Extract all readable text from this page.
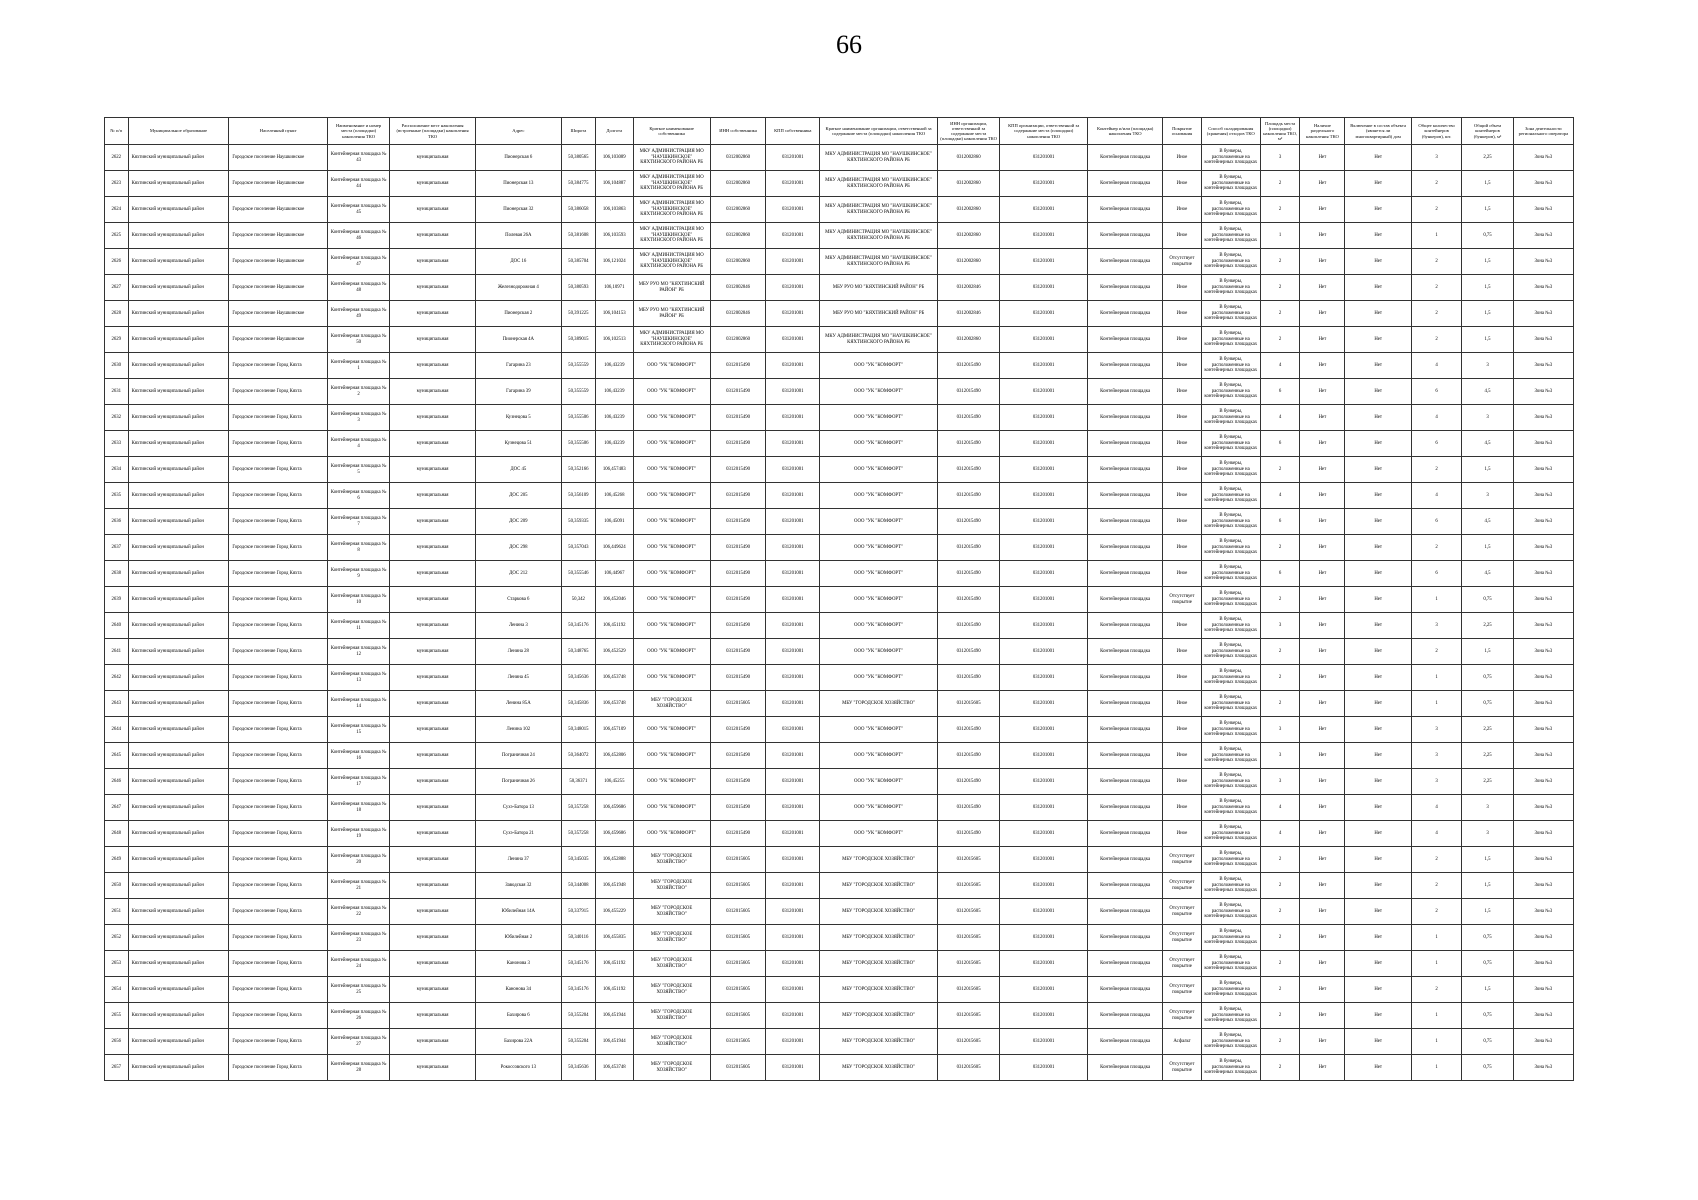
66
№ п/п	Муниципальное образование	Населенный пункт	Наименование и номер места (площадки) накопления ТКО	Расположение мест накопления (встроенные (площадки) накопления ТКО	Адрес	Широта	Долгота	Краткое наименование собственника	ИНН собственника	КПП собственника	Краткое наименование организации, ответственной за содержание места (площадки) накопления ТКО	ИНН организации, ответственной за содержание места (площадки) накопления ТКО	КПП организации, ответственной за содержание места (площадки) накопления ТКО	Контейнер и/или (площадка) накопления ТКО	Покрытие основания	Способ складирования (хранения) отходов ТКО	Площадь места (площадки) накопления ТКО, м²	Наличие раздельного накопления ТКО	Включение в состав объекта (является ли многоквартирный) дом	Общее количество контейнеров (бункеров), шт.	Общий объем контейнеров (бункеров), м³	Зона деятельности регионального оператора
2622	Кяхтинский муниципальный район	Городское поселение Наушкинское	Контейнерная площадка № 43	муниципальная	Пионерская 6	50,380565	106,103089	МКУ АДМИНИСТРАЦИЯ МО "НАУШКИНСКОЕ" КЯХТИНСКОГО РАЙОНА РБ	0312002860	031201001	МКУ АДМИНИСТРАЦИЯ МО "НАУШКИНСКОЕ" КЯХТИНСКОГО РАЙОНА РБ	0312002860	031201001	Контейнерная площадка	Иное	В бункеры, расположенные на контейнерных площадках	3	Нет	Нет	3	2,25	Зона №3
2623	Кяхтинский муниципальный район	Городское поселение Наушкинское	Контейнерная площадка № 44	муниципальная	Пионерская 13	50,384775	106,104887	МКУ АДМИНИСТРАЦИЯ МО "НАУШКИНСКОЕ" КЯХТИНСКОГО РАЙОНА РБ	0312002860	031201001	МКУ АДМИНИСТРАЦИЯ МО "НАУШКИНСКОЕ" КЯХТИНСКОГО РАЙОНА РБ	0312002860	031201001	Контейнерная площадка	Иное	В бункеры, расположенные на контейнерных площадках	2	Нет	Нет	2	1,5	Зона №3
2624	Кяхтинский муниципальный район	Городское поселение Наушкинское	Контейнерная площадка № 45	муниципальная	Пионерская 32	50,386058	106,103863	МКУ АДМИНИСТРАЦИЯ МО "НАУШКИНСКОЕ" КЯХТИНСКОГО РАЙОНА РБ	0312002860	031201001	МКУ АДМИНИСТРАЦИЯ МО "НАУШКИНСКОЕ" КЯХТИНСКОГО РАЙОНА РБ	0312002860	031201001	Контейнерная площадка	Иное	В бункеры, расположенные на контейнерных площадках	2	Нет	Нет	2	1,5	Зона №3
2625	Кяхтинский муниципальный район	Городское поселение Наушкинское	Контейнерная площадка № 46	муниципальная	Полевая 26А	50,381608	106,103593	МКУ АДМИНИСТРАЦИЯ МО "НАУШКИНСКОЕ" КЯХТИНСКОГО РАЙОНА РБ	0312002860	031201001	МКУ АДМИНИСТРАЦИЯ МО "НАУШКИНСКОЕ" КЯХТИНСКОГО РАЙОНА РБ	0312002860	031201001	Контейнерная площадка	Иное	В бункеры, расположенные на контейнерных площадках	1	Нет	Нет	1	0,75	Зона №3
2626	Кяхтинский муниципальный район	Городское поселение Наушкинское	Контейнерная площадка № 47	муниципальная	ДОС 16	50,385704	106,121024	МКУ АДМИНИСТРАЦИЯ МО "НАУШКИНСКОЕ" КЯХТИНСКОГО РАЙОНА РБ	0312002860	031201001	МКУ АДМИНИСТРАЦИЯ МО "НАУШКИНСКОЕ" КЯХТИНСКОГО РАЙОНА РБ	0312002860	031201001	Контейнерная площадка	Отсутствует покрытие	В бункеры, расположенные на контейнерных площадках	2	Нет	Нет	2	1,5	Зона №3
2627	Кяхтинский муниципальный район	Городское поселение Наушкинское	Контейнерная площадка № 48	муниципальная	Железнодорожная 4	50,380593	106,10971	МБУ РУО МО "КЯХТИНСКИЙ РАЙОН" РБ	0312002846	031201001	МБУ РУО МО "КЯХТИНСКИЙ РАЙОН" РБ	0312002846	031201001	Контейнерная площадка	Иное	В бункеры, расположенные на контейнерных площадках	2	Нет	Нет	2	1,5	Зона №3
2628	Кяхтинский муниципальный район	Городское поселение Наушкинское	Контейнерная площадка № 49	муниципальная	Пионерская 2	50,391225	106,104153	МБУ РУО МО "КЯХТИНСКИЙ РАЙОН" РБ	0312002846	031201001	МБУ РУО МО "КЯХТИНСКИЙ РАЙОН" РБ	0312002846	031201001	Контейнерная площадка	Иное	В бункеры, расположенные на контейнерных площадках	2	Нет	Нет	2	1,5	Зона №3
2629	Кяхтинский муниципальный район	Городское поселение Наушкинское	Контейнерная площадка № 50	муниципальная	Пионерская 4А	50,389015	106,102513	МКУ АДМИНИСТРАЦИЯ МО "НАУШКИНСКОЕ" КЯХТИНСКОГО РАЙОНА РБ	0312002860	031201001	МКУ АДМИНИСТРАЦИЯ МО "НАУШКИНСКОЕ" КЯХТИНСКОГО РАЙОНА РБ	0312002860	031201001	Контейнерная площадка	Иное	В бункеры, расположенные на контейнерных площадках	2	Нет	Нет	2	1,5	Зона №3
2630	Кяхтинский муниципальный район	Городское поселение Город Кяхта	Контейнерная площадка № 1	муниципальная	Гагарина 23	50,355559	106,43239	ООО "УК "КОМФОРТ"	0312015490	031201001	ООО "УК "КОМФОРТ"	0312015490	031201001	Контейнерная площадка	Иное	В бункеры, расположенные на контейнерных площадках	4	Нет	Нет	4	3	Зона №3
2631	Кяхтинский муниципальный район	Городское поселение Город Кяхта	Контейнерная площадка № 2	муниципальная	Гагарина 39	50,355559	106,43239	ООО "УК "КОМФОРТ"	0312015490	031201001	ООО "УК "КОМФОРТ"	0312015490	031201001	Контейнерная площадка	Иное	В бункеры, расположенные на контейнерных площадках	6	Нет	Нет	6	4,5	Зона №3
2632	Кяхтинский муниципальный район	Городское поселение Город Кяхта	Контейнерная площадка № 3	муниципальная	Кузнецова 5	50,355506	106,43239	ООО "УК "КОМФОРТ"	0312015490	031201001	ООО "УК "КОМФОРТ"	0312015490	031201001	Контейнерная площадка	Иное	В бункеры, расположенные на контейнерных площадках	4	Нет	Нет	4	3	Зона №3
2633	Кяхтинский муниципальный район	Городское поселение Город Кяхта	Контейнерная площадка № 4	муниципальная	Кузнецова 51	50,355506	106,43239	ООО "УК "КОМФОРТ"	0312015490	031201001	ООО "УК "КОМФОРТ"	0312015490	031201001	Контейнерная площадка	Иное	В бункеры, расположенные на контейнерных площадках	6	Нет	Нет	6	4,5	Зона №3
2634	Кяхтинский муниципальный район	Городское поселение Город Кяхта	Контейнерная площадка № 5	муниципальная	ДОС 45	50,352166	106,457483	ООО "УК "КОМФОРТ"	0312015490	031201001	ООО "УК "КОМФОРТ"	0312015490	031201001	Контейнерная площадка	Иное	В бункеры, расположенные на контейнерных площадках	2	Нет	Нет	2	1,5	Зона №3
2635	Кяхтинский муниципальный район	Городское поселение Город Кяхта	Контейнерная площадка № 6	муниципальная	ДОС 205	50,356109	106,45268	ООО "УК "КОМФОРТ"	0312015490	031201001	ООО "УК "КОМФОРТ"	0312015490	031201001	Контейнерная площадка	Иное	В бункеры, расположенные на контейнерных площадках	4	Нет	Нет	4	3	Зона №3
2636	Кяхтинский муниципальный район	Городское поселение Город Кяхта	Контейнерная площадка № 7	муниципальная	ДОС 209	50,359335	106,45091	ООО "УК "КОМФОРТ"	0312015490	031201001	ООО "УК "КОМФОРТ"	0312015490	031201001	Контейнерная площадка	Иное	В бункеры, расположенные на контейнерных площадках	6	Нет	Нет	6	4,5	Зона №3
2637	Кяхтинский муниципальный район	Городское поселение Город Кяхта	Контейнерная площадка № 8	муниципальная	ДОС 298	50,357043	106,449624	ООО "УК "КОМФОРТ"	0312015490	031201001	ООО "УК "КОМФОРТ"	0312015490	031201001	Контейнерная площадка	Иное	В бункеры, расположенные на контейнерных площадках	2	Нет	Нет	2	1,5	Зона №3
2638	Кяхтинский муниципальный район	Городское поселение Город Кяхта	Контейнерная площадка № 9	муниципальная	ДОС 212	50,355546	106,44967	ООО "УК "КОМФОРТ"	0312015490	031201001	ООО "УК "КОМФОРТ"	0312015490	031201001	Контейнерная площадка	Иное	В бункеры, расположенные на контейнерных площадках	6	Нет	Нет	6	4,5	Зона №3
2639	Кяхтинский муниципальный район	Городское поселение Город Кяхта	Контейнерная площадка № 10	муниципальная	Старкова 6	50,342	106,452046	ООО "УК "КОМФОРТ"	0312015490	031201001	ООО "УК "КОМФОРТ"	0312015490	031201001	Контейнерная площадка	Отсутствует покрытие	В бункеры, расположенные на контейнерных площадках	2	Нет	Нет	1	0,75	Зона №3
2640	Кяхтинский муниципальный район	Городское поселение Город Кяхта	Контейнерная площадка № 11	муниципальная	Ленина 3	50,345176	106,451192	ООО "УК "КОМФОРТ"	0312015490	031201001	ООО "УК "КОМФОРТ"	0312015490	031201001	Контейнерная площадка	Иное	В бункеры, расположенные на контейнерных площадках	3	Нет	Нет	3	2,25	Зона №3
2641	Кяхтинский муниципальный район	Городское поселение Город Кяхта	Контейнерная площадка № 12	муниципальная	Ленина 28	50,348765	106,452529	ООО "УК "КОМФОРТ"	0312015490	031201001	ООО "УК "КОМФОРТ"	0312015490	031201001	Контейнерная площадка	Иное	В бункеры, расположенные на контейнерных площадках	2	Нет	Нет	2	1,5	Зона №3
2642	Кяхтинский муниципальный район	Городское поселение Город Кяхта	Контейнерная площадка № 13	муниципальная	Ленина 45	50,345636	106,453748	ООО "УК "КОМФОРТ"	0312015490	031201001	ООО "УК "КОМФОРТ"	0312015490	031201001	Контейнерная площадка	Иное	В бункеры, расположенные на контейнерных площадках	2	Нет	Нет	1	0,75	Зона №3
2643	Кяхтинский муниципальный район	Городское поселение Город Кяхта	Контейнерная площадка № 14	муниципальная	Ленина 85А	50,345836	106,453748	МБУ "ГОРОДСКОЕ ХОЗЯЙСТВО"	0312015605	031201001	МБУ "ГОРОДСКОЕ ХОЗЯЙСТВО"	0312015605	031201001	Контейнерная площадка	Иное	В бункеры, расположенные на контейнерных площадках	2	Нет	Нет	1	0,75	Зона №3
2644	Кяхтинский муниципальный район	Городское поселение Город Кяхта	Контейнерная площадка № 15	муниципальная	Ленина 102	50,348015	106,457109	ООО "УК "КОМФОРТ"	0312015490	031201001	ООО "УК "КОМФОРТ"	0312015490	031201001	Контейнерная площадка	Иное	В бункеры, расположенные на контейнерных площадках	3	Нет	Нет	3	2,25	Зона №3
2645	Кяхтинский муниципальный район	Городское поселение Город Кяхта	Контейнерная площадка № 16	муниципальная	Пограничная 24	50,364072	106,452806	ООО "УК "КОМФОРТ"	0312015490	031201001	ООО "УК "КОМФОРТ"	0312015490	031201001	Контейнерная площадка	Иное	В бункеры, расположенные на контейнерных площадках	3	Нет	Нет	3	2,25	Зона №3
2646	Кяхтинский муниципальный район	Городское поселение Город Кяхта	Контейнерная площадка № 17	муниципальная	Пограничная 26	50,36371	106,45255	ООО "УК "КОМФОРТ"	0312015490	031201001	ООО "УК "КОМФОРТ"	0312015490	031201001	Контейнерная площадка	Иное	В бункеры, расположенные на контейнерных площадках	3	Нет	Нет	3	2,25	Зона №3
2647	Кяхтинский муниципальный район	Городское поселение Город Кяхта	Контейнерная площадка № 18	муниципальная	Сухэ-Батора 13	50,357258	106,459686	ООО "УК "КОМФОРТ"	0312015490	031201001	ООО "УК "КОМФОРТ"	0312015490	031201001	Контейнерная площадка	Иное	В бункеры, расположенные на контейнерных площадках	4	Нет	Нет	4	3	Зона №3
2648	Кяхтинский муниципальный район	Городское поселение Город Кяхта	Контейнерная площадка № 19	муниципальная	Сухэ-Батора 21	50,357258	106,459686	ООО "УК "КОМФОРТ"	0312015490	031201001	ООО "УК "КОМФОРТ"	0312015490	031201001	Контейнерная площадка	Иное	В бункеры, расположенные на контейнерных площадках	4	Нет	Нет	4	3	Зона №3
2649	Кяхтинский муниципальный район	Городское поселение Город Кяхта	Контейнерная площадка № 20	муниципальная	Ленина 37	50,345035	106,452888	МБУ "ГОРОДСКОЕ ХОЗЯЙСТВО"	0312015605	031201001	МБУ "ГОРОДСКОЕ ХОЗЯЙСТВО"	0312015605	031201001	Контейнерная площадка	Отсутствует покрытие	В бункеры, расположенные на контейнерных площадках	2	Нет	Нет	2	1,5	Зона №3
2650	Кяхтинский муниципальный район	Городское поселение Город Кяхта	Контейнерная площадка № 21	муниципальная	Заводская 32	50,344008	106,451948	МБУ "ГОРОДСКОЕ ХОЗЯЙСТВО"	0312015605	031201001	МБУ "ГОРОДСКОЕ ХОЗЯЙСТВО"	0312015605	031201001	Контейнерная площадка	Отсутствует покрытие	В бункеры, расположенные на контейнерных площадках	2	Нет	Нет	2	1,5	Зона №3
2651	Кяхтинский муниципальный район	Городское поселение Город Кяхта	Контейнерная площадка № 22	муниципальная	Юбилейная 14А	50,337915	106,455229	МБУ "ГОРОДСКОЕ ХОЗЯЙСТВО"	0312015605	031201001	МБУ "ГОРОДСКОЕ ХОЗЯЙСТВО"	0312015605	031201001	Контейнерная площадка	Отсутствует покрытие	В бункеры, расположенные на контейнерных площадках	2	Нет	Нет	2	1,5	Зона №3
2652	Кяхтинский муниципальный район	Городское поселение Город Кяхта	Контейнерная площадка № 23	муниципальная	Юбилейная 2	50,340116	106,455835	МБУ "ГОРОДСКОЕ ХОЗЯЙСТВО"	0312015605	031201001	МБУ "ГОРОДСКОЕ ХОЗЯЙСТВО"	0312015605	031201001	Контейнерная площадка	Отсутствует покрытие	В бункеры, расположенные на контейнерных площадках	2	Нет	Нет	1	0,75	Зона №3
2653	Кяхтинский муниципальный район	Городское поселение Город Кяхта	Контейнерная площадка № 24	муниципальная	Канонова 3	50,345176	106,451192	МБУ "ГОРОДСКОЕ ХОЗЯЙСТВО"	0312015605	031201001	МБУ "ГОРОДСКОЕ ХОЗЯЙСТВО"	0312015605	031201001	Контейнерная площадка	Отсутствует покрытие	В бункеры, расположенные на контейнерных площадках	2	Нет	Нет	1	0,75	Зона №3
2654	Кяхтинский муниципальный район	Городское поселение Город Кяхта	Контейнерная площадка № 25	муниципальная	Канонова 34	50,345176	106,451192	МБУ "ГОРОДСКОЕ ХОЗЯЙСТВО"	0312015605	031201001	МБУ "ГОРОДСКОЕ ХОЗЯЙСТВО"	0312015605	031201001	Контейнерная площадка	Отсутствует покрытие	В бункеры, расположенные на контейнерных площадках	2	Нет	Нет	2	1,5	Зона №3
2655	Кяхтинский муниципальный район	Городское поселение Город Кяхта	Контейнерная площадка № 26	муниципальная	Бахирова 6	50,355204	106,451944	МБУ "ГОРОДСКОЕ ХОЗЯЙСТВО"	0312015605	031201001	МБУ "ГОРОДСКОЕ ХОЗЯЙСТВО"	0312015605	031201001	Контейнерная площадка	Отсутствует покрытие	В бункеры, расположенные на контейнерных площадках	2	Нет	Нет	1	0,75	Зона №3
2656	Кяхтинский муниципальный район	Городское поселение Город Кяхта	Контейнерная площадка № 27	муниципальная	Бахирова 22А	50,355204	106,451944	МБУ "ГОРОДСКОЕ ХОЗЯЙСТВО"	0312015605	031201001	МБУ "ГОРОДСКОЕ ХОЗЯЙСТВО"	0312015605	031201001	Контейнерная площадка	Асфальт	В бункеры, расположенные на контейнерных площадках	2	Нет	Нет	1	0,75	Зона №3
2657	Кяхтинский муниципальный район	Городское поселение Город Кяхта	Контейнерная площадка № 28	муниципальная	Рокоссовского 13	50,345636	106,453748	МБУ "ГОРОДСКОЕ ХОЗЯЙСТВО"	0312015605	031201001	МБУ "ГОРОДСКОЕ ХОЗЯЙСТВО"	0312015605	031201001	Контейнерная площадка	Отсутствует покрытие	В бункеры, расположенные на контейнерных площадках	2	Нет	Нет	1	0,75	Зона №3
